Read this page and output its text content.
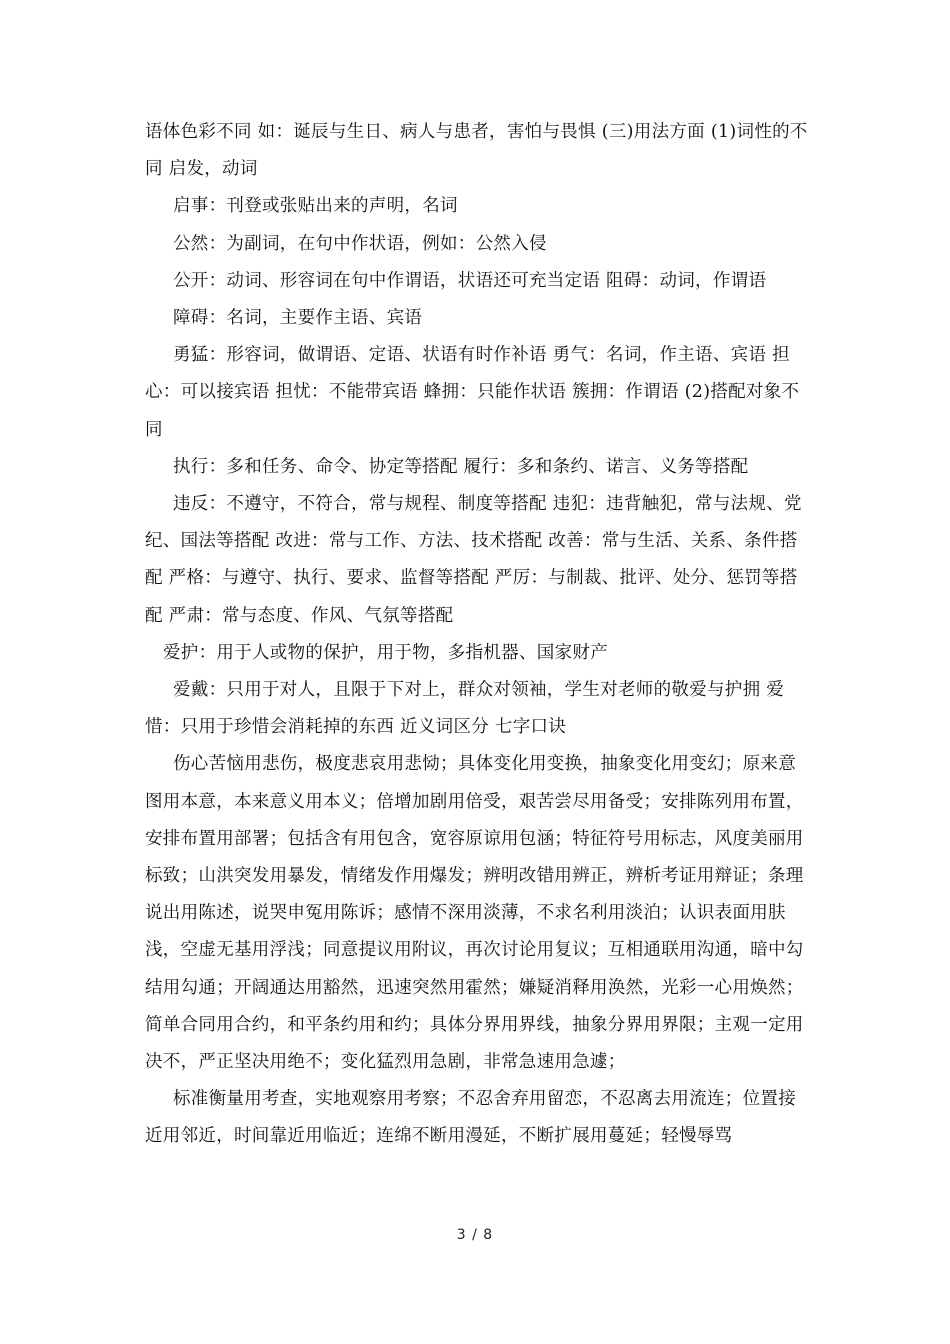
语体色彩不同 如：诞辰与生日、病人与患者，害怕与畏惧 (三)用法方面 (1)词性的不同 启发，动词

启事：刊登或张贴出来的声明，名词

公然：为副词，在句中作状语，例如：公然入侵

公开：动词、形容词在句中作谓语，状语还可充当定语 阻碍：动词，作谓语

障碍：名词，主要作主语、宾语

勇猛：形容词，做谓语、定语、状语有时作补语 勇气：名词，作主语、宾语 担心：可以接宾语 担忧：不能带宾语 蜂拥：只能作状语 簇拥：作谓语 (2)搭配对象不同

执行：多和任务、命令、协定等搭配 履行：多和条约、诺言、义务等搭配

违反：不遵守，不符合，常与规程、制度等搭配 违犯：违背触犯，常与法规、党纪、国法等搭配 改进：常与工作、方法、技术搭配 改善：常与生活、关系、条件搭配 严格：与遵守、执行、要求、监督等搭配 严厉：与制裁、批评、处分、惩罚等搭配 严肃：常与态度、作风、气氛等搭配

爱护：用于人或物的保护，用于物，多指机器、国家财产

爱戴：只用于对人，且限于下对上，群众对领袖，学生对老师的敬爱与护拥 爱惜：只用于珍惜会消耗掉的东西 近义词区分 七字口诀

伤心苦恼用悲伤，极度悲哀用悲恸；具体变化用变换，抽象变化用变幻；原来意图用本意，本来意义用本义；倍增加剧用倍受，艰苦尝尽用备受；安排陈列用布置，安排布置用部署；包括含有用包含，宽容原谅用包涵；特征符号用标志，风度美丽用标致；山洪突发用暴发，情绪发作用爆发；辨明改错用辨正，辨析考证用辩证；条理说出用陈述，说哭申冤用陈诉；感情不深用淡薄，不求名利用淡泊；认识表面用肤浅，空虚无基用浮浅；同意提议用附议，再次讨论用复议；互相通联用沟通，暗中勾结用勾通；开阔通达用豁然，迅速突然用霍然；嫌疑消释用涣然，光彩一心用焕然；简单合同用合约，和平条约用和约；具体分界用界线，抽象分界用界限；主观一定用决不，严正坚决用绝不；变化猛烈用急剧，非常急速用急遽；

标准衡量用考查，实地观察用考察；不忍舍弃用留恋，不忍离去用流连；位置接近用邻近，时间靠近用临近；连绵不断用漫延，不断扩展用蔓延；轻慢辱骂

3 / 8
